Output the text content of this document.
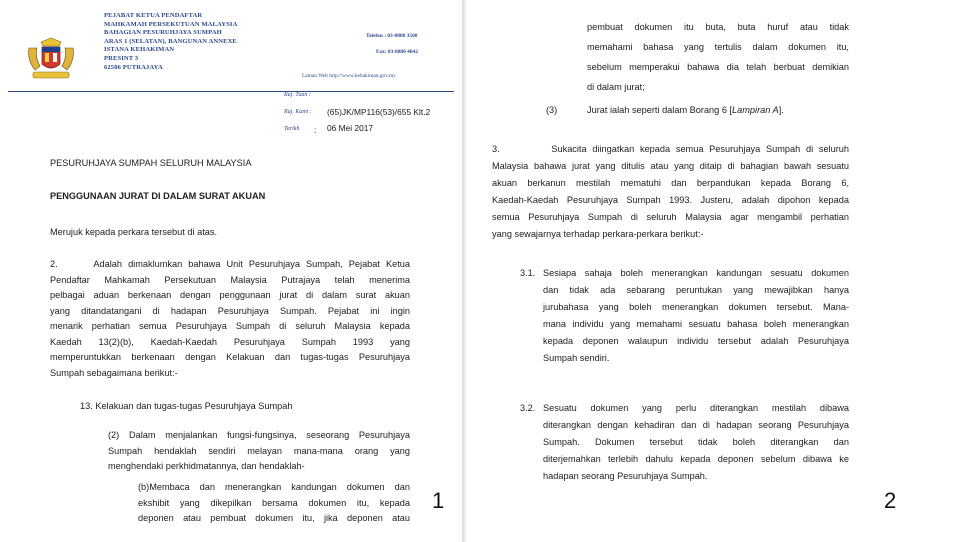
PEJABAT KETUA PENDAFTAR
MAHKAMAH PERSEKUTUAN MALAYSIA
BAHAGIAN PESURUHJAYA SUMPAH
ARAS 1 (SELATAN), BANGUNAN ANNEXE
ISTANA KEHAKIMAN
PRESINT 3
62506 PUTRAJAYA
Telefon : 03-8880 3500
Fax: 03-8880 4042
Laman Web http://www.kehakiman.gov.my
Ruj. Tuan :
Ruj. Kami : (65)JK/MP116(53)/655 Klt.2
Tarikh : 06 Mei 2017
PESURUHJAYA SUMPAH SELURUH MALAYSIA
PENGGUNAAN JURAT DI DALAM SURAT AKUAN
Merujuk kepada perkara tersebut di atas.
2.      Adalah dimaklumkan bahawa Unit Pesuruhjaya Sumpah, Pejabat Ketua
Pendaftar Mahkamah Persekutuan Malaysia Putrajaya telah menerima
pelbagai aduan berkenaan dengan penggunaan jurat di dalam surat akuan
yang ditandatangani di hadapan Pesuruhjaya Sumpah. Pejabat ini ingin
menarik perhatian semua Pesuruhjaya Sumpah di seluruh Malaysia kepada
Kaedah  13(2)(b),  Kaedah-Kaedah  Pesuruhjaya  Sumpah  1993  yang
memperuntukkan berkenaan dengan Kelakuan dan tugas-tugas Pesuruhjaya
Sumpah sebagaimana berikut:-
13. Kelakuan dan tugas-tugas Pesuruhjaya Sumpah
(2) Dalam menjalankan fungsi-fungsinya, seseorang Pesuruhjaya
Sumpah hendaklah sendiri melayan mana-mana orang yang
menghendaki perkhidmatannya, dan hendaklah-
(b)Membaca dan menerangkan kandungan dokumen dan
ekshibit yang dikepilkan bersama dokumen itu, kepada
deponen atau pembuat dokumen itu, jika deponen atau
1
pembuat dokumen itu buta, buta huruf atau tidak
memahami bahasa yang tertulis dalam dokumen itu,
sebelum memperakui bahawa dia telah berbuat demikian
di dalam jurat;
(3)	Jurat ialah seperti dalam Borang 6 [Lampiran A].
3.         Sukacita diingatkan kepada semua Pesuruhjaya Sumpah di seluruh
Malaysia bahawa jurat yang ditulis atau yang ditaip di bahagian bawah sesuatu
akuan berkanun mestilah mematuhi dan berpandukan kepada Borang 6,
Kaedah-Kaedah Pesuruhjaya Sumpah 1993. Justeru, adalah dipohon kepada
semua Pesuruhjaya Sumpah di seluruh Malaysia agar mengambil perhatian
yang sewajarnya terhadap perkara-perkara berikut:-
3.1. Sesiapa sahaja boleh menerangkan kandungan sesuatu dokumen
dan tidak ada sebarang peruntukan yang mewajibkan hanya
jurubahasa yang boleh menerangkan dokumen tersebut. Mana-
mana individu yang memahami sesuatu bahasa boleh menerangkan
kepada deponen walaupun individu tersebut adalah Pesuruhjaya
Sumpah sendiri.
3.2. Sesuatu dokumen yang perlu diterangkan mestilah dibawa
diterangkan dengan kehadiran dan di hadapan seorang Pesuruhjaya
Sumpah. Dokumen tersebut tidak boleh diterangkan dan
diterjemahkan terlebih dahulu kepada deponen sebelum dibawa ke
hadapan seorang Pesuruhjaya Sumpah.
2
